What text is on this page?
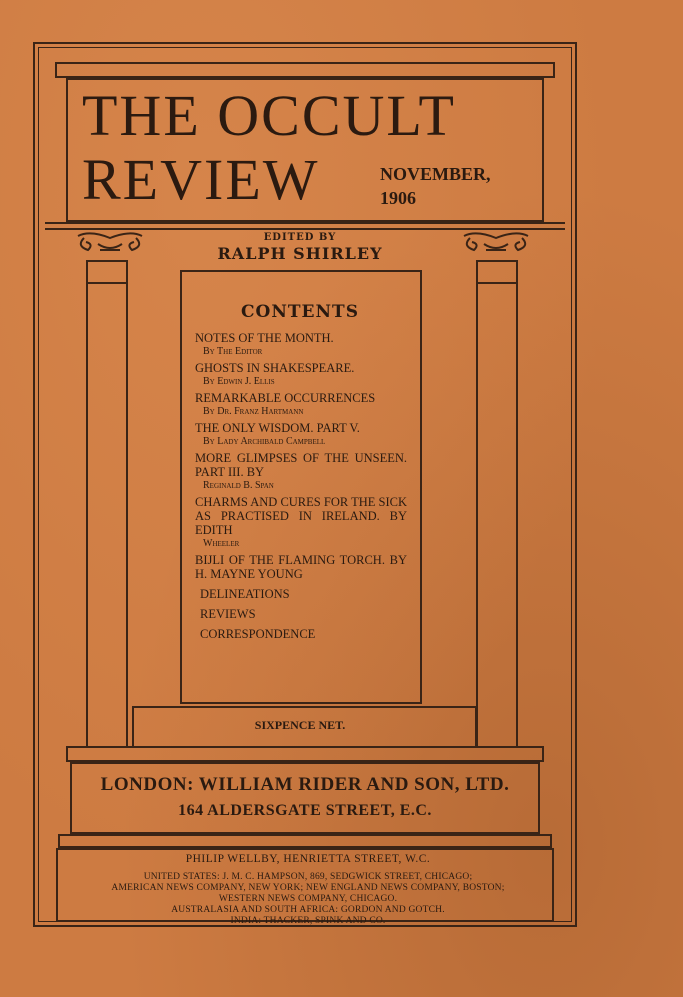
THE OCCULT
REVIEW	NOVEMBER,
1906
EDITED BY
RALPH SHIRLEY
CONTENTS
NOTES OF THE MONTH.
By The Editor
GHOSTS IN SHAKESPEARE.
By Edwin J. Ellis
REMARKABLE OCCURRENCES
By Dr. Franz Hartmann
THE ONLY WISDOM. PART V.
By Lady Archibald Campbell
MORE GLIMPSES OF THE UNSEEN. PART III. BY
Reginald B. Span
CHARMS AND CURES FOR THE SICK AS PRACTISED IN IRELAND. BY EDITH
Wheeler
BIJLI OF THE FLAMING TORCH. BY H. MAYNE YOUNG
DELINEATIONS
REVIEWS
CORRESPONDENCE
SIXPENCE NET.
LONDON: WILLIAM RIDER AND SON, LTD.
164 ALDERSGATE STREET, E.C.
PHILIP WELLBY, HENRIETTA STREET, W.C.
UNITED STATES: J. M. C. HAMPSON, 869, SEDGWICK STREET, CHICAGO;
AMERICAN NEWS COMPANY, NEW YORK; NEW ENGLAND NEWS COMPANY, BOSTON;
WESTERN NEWS COMPANY, CHICAGO.
AUSTRALASIA AND SOUTH AFRICA: GORDON AND GOTCH.
INDIA: THACKER, SPINK AND CO.
